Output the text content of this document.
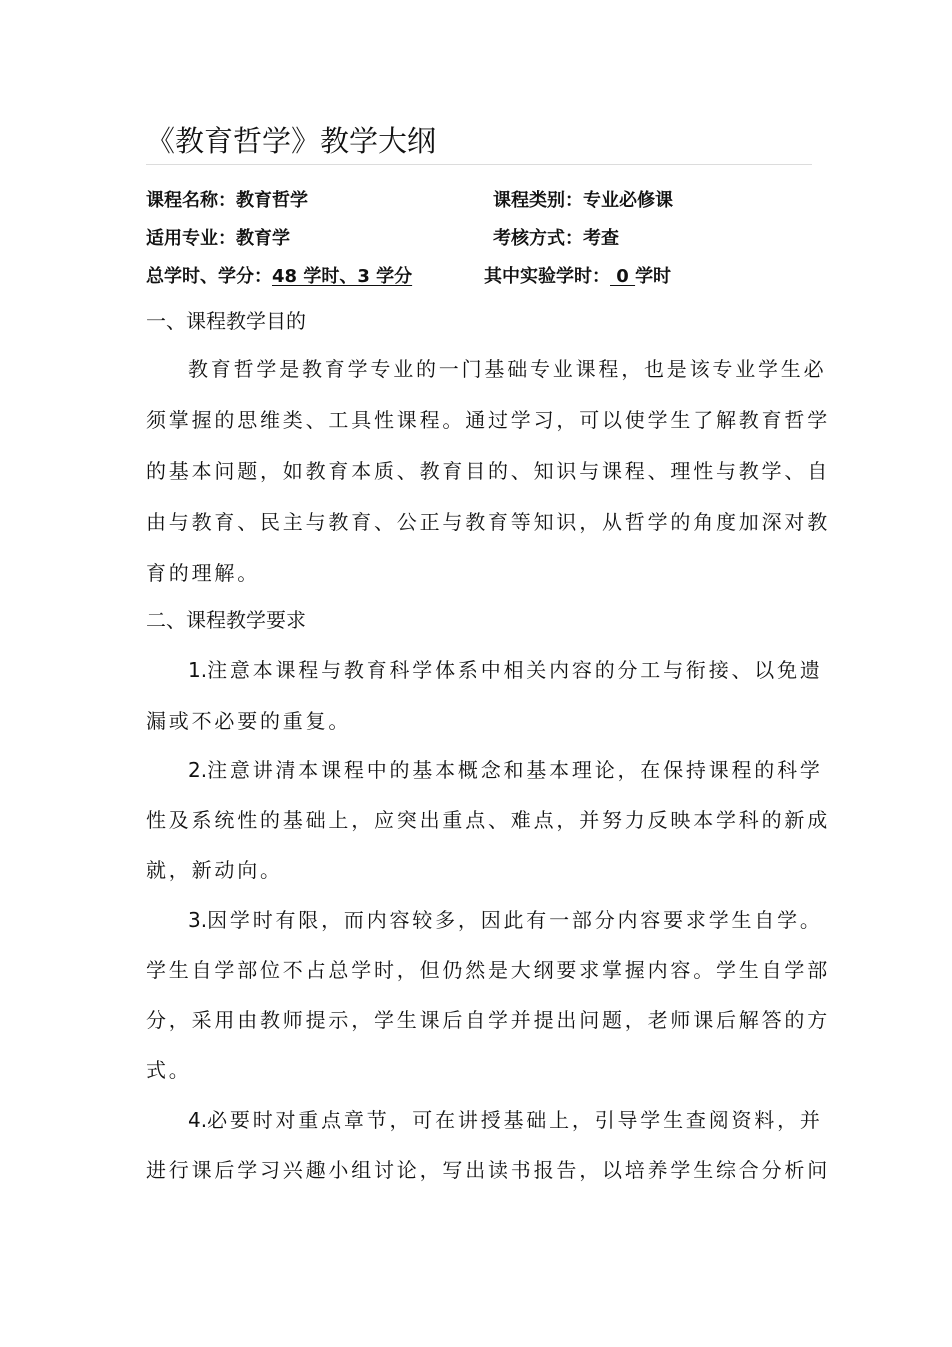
《教育哲学》教学大纲
课程名称：教育哲学	课程类别：专业必修课
适用专业：教育学	考核方式：考查
总学时、学分：48 学时、3 学分	其中实验学时： 0 学时
一、课程教学目的
教育哲学是教育学专业的一门基础专业课程，也是该专业学生必
须掌握的思维类、工具性课程。通过学习，可以使学生了解教育哲学
的基本问题，如教育本质、教育目的、知识与课程、理性与教学、自
由与教育、民主与教育、公正与教育等知识，从哲学的角度加深对教
育的理解。
二、课程教学要求
1.注意本课程与教育科学体系中相关内容的分工与衔接、以免遗
漏或不必要的重复。
2.注意讲清本课程中的基本概念和基本理论，在保持课程的科学
性及系统性的基础上，应突出重点、难点，并努力反映本学科的新成
就，新动向。
3.因学时有限，而内容较多，因此有一部分内容要求学生自学。
学生自学部位不占总学时，但仍然是大纲要求掌握内容。学生自学部
分，采用由教师提示，学生课后自学并提出问题，老师课后解答的方
式。
4.必要时对重点章节，可在讲授基础上，引导学生查阅资料，并
进行课后学习兴趣小组讨论，写出读书报告，以培养学生综合分析问
